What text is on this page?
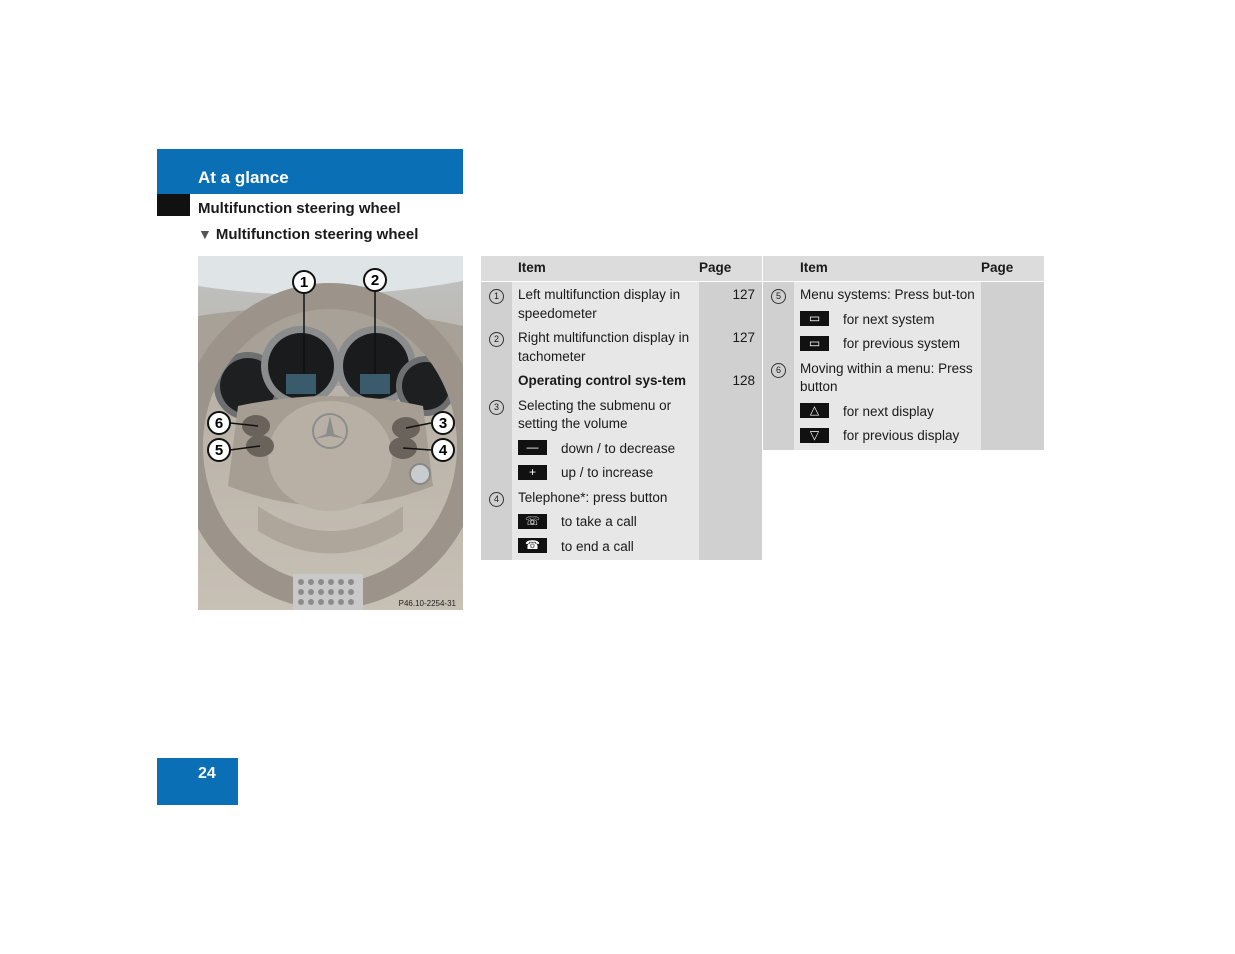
At a glance
Multifunction steering wheel
▼ Multifunction steering wheel
1	2
3
4
5
6
P46.10-2254-31
	Item	Page
1	Left multifunction display in speedometer	127
2	Right multifunction display in tachometer	127
	Operating control sys-tem	128
3	Selecting the submenu or setting the volume	
	— down / to decrease	
	+ up / to increase	
4	Telephone*: press button	
	☏ to take a call	
	☎ to end a call	
	Item	Page
5	Menu systems: Press but-ton	
	▭ for next system	
	▭ for previous system	
6	Moving within a menu: Press button	
	△ for next display	
	▽ for previous display	
24
